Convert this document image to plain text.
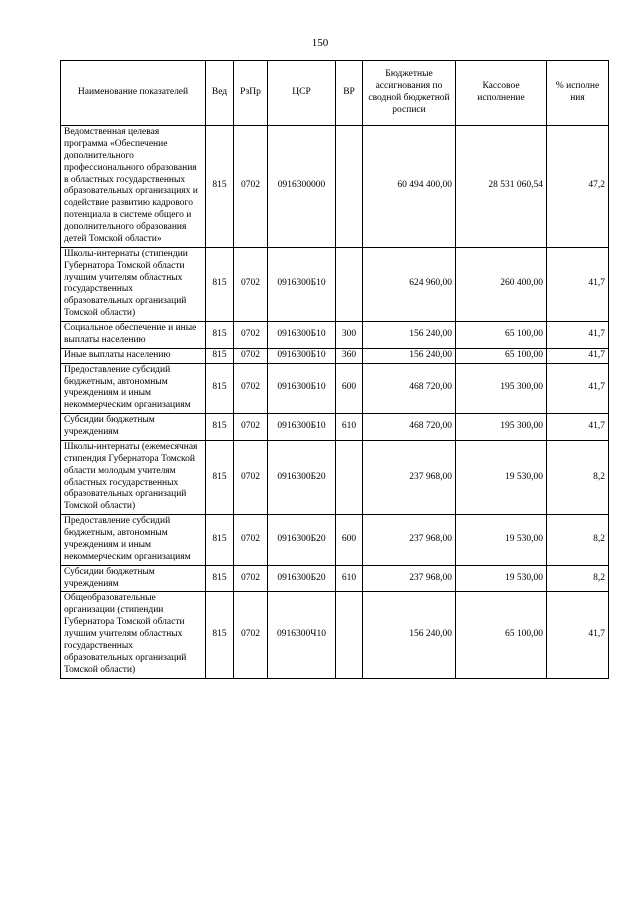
150
Наименование показателей	Вед	РзПр	ЦСР	ВР	Бюджетные ассигнования по сводной бюджетной росписи	Кассовое исполнение	% исполне ния
Ведомственная целевая программа «Обеспечение дополнительного профессионального образования в областных государственных образовательных организациях и содействие развитию кадрового потенциала в системе общего и дополнительного образования детей Томской области»	815	0702	0916300000		60 494 400,00	28 531 060,54	47,2
Школы-интернаты (стипендии Губернатора Томской области лучшим учителям областных государственных образовательных организаций Томской области)	815	0702	0916300Б10		624 960,00	260 400,00	41,7
Социальное обеспечение и иные выплаты населению	815	0702	0916300Б10	300	156 240,00	65 100,00	41,7
Иные выплаты населению	815	0702	0916300Б10	360	156 240,00	65 100,00	41,7
Предоставление субсидий бюджетным, автономным учреждениям и иным некоммерческим организациям	815	0702	0916300Б10	600	468 720,00	195 300,00	41,7
Субсидии бюджетным учреждениям	815	0702	0916300Б10	610	468 720,00	195 300,00	41,7
Школы-интернаты (ежемесячная стипендия Губернатора Томской области молодым учителям областных государственных образовательных организаций Томской области)	815	0702	0916300Б20		237 968,00	19 530,00	8,2
Предоставление субсидий бюджетным, автономным учреждениям и иным некоммерческим организациям	815	0702	0916300Б20	600	237 968,00	19 530,00	8,2
Субсидии бюджетным учреждениям	815	0702	0916300Б20	610	237 968,00	19 530,00	8,2
Общеобразовательные организации (стипендии Губернатора Томской области лучшим учителям областных государственных образовательных организаций Томской области)	815	0702	0916300Ч10		156 240,00	65 100,00	41,7
